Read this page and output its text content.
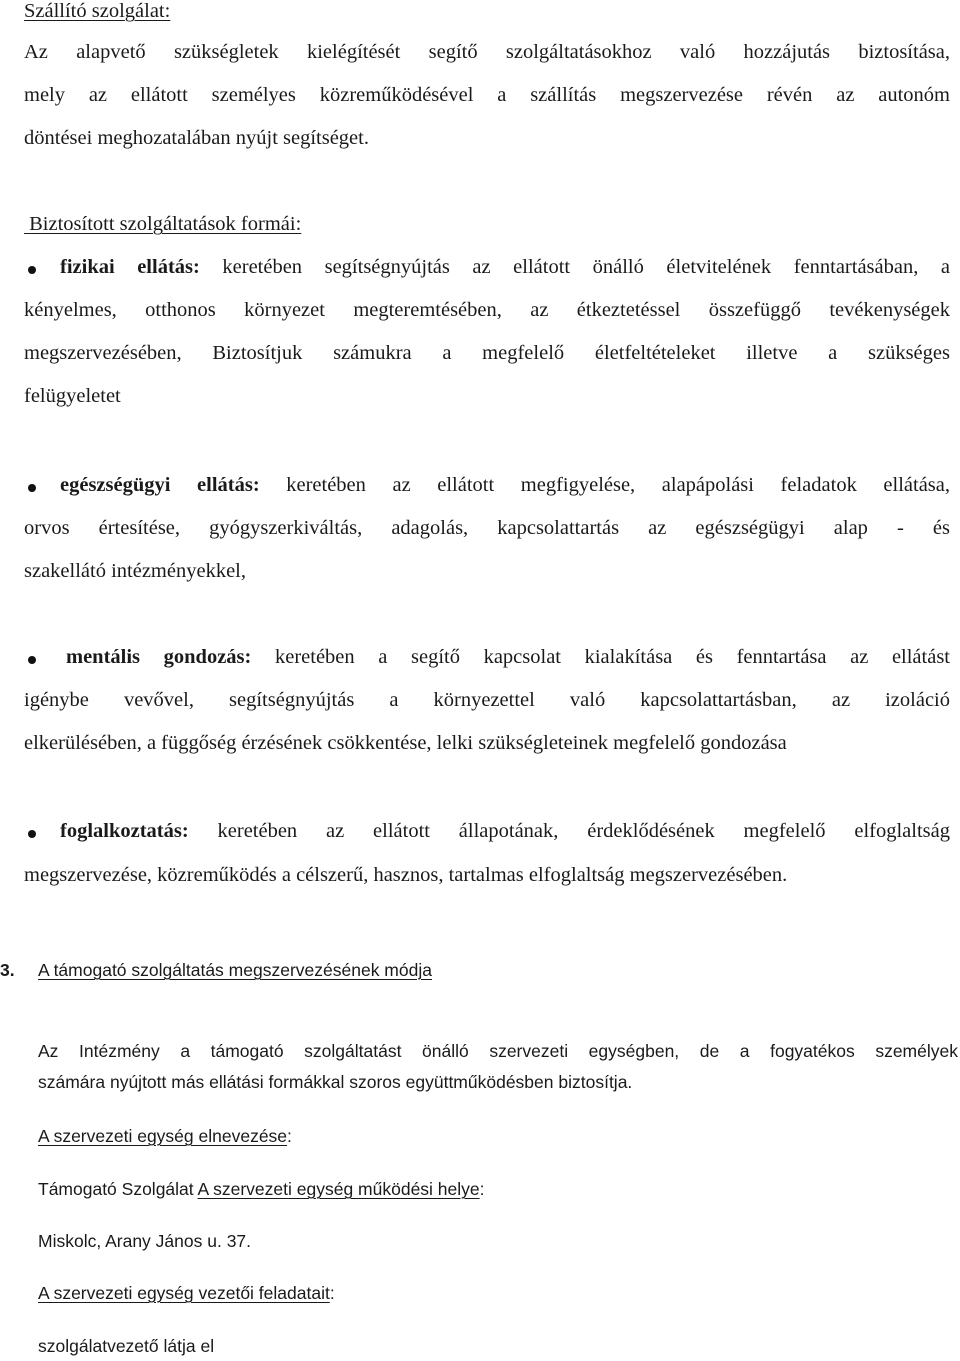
Szállító szolgálat:
Az alapvető szükségletek kielégítését segítő szolgáltatásokhoz való hozzájutás biztosítása,
mely az ellátott személyes közreműködésével a szállítás megszervezése révén az autonóm
döntései meghozatalában nyújt segítséget.
Biztosított szolgáltatások formái:
fizikai ellátás: keretében segítségnyújtás az ellátott önálló életvitelének fenntartásában, a
kényelmes, otthonos környezet megteremtésében, az étkeztetéssel összefüggő tevékenységek
megszervezésében, Biztosítjuk számukra a megfelelő életfeltételeket illetve a szükséges
felügyeletet
egészségügyi ellátás: keretében az ellátott megfigyelése, alapápolási feladatok ellátása,
orvos értesítése, gyógyszerkiváltás, adagolás, kapcsolattartás az egészségügyi alap - és
szakellátó intézményekkel,
mentális gondozás: keretében a segítő kapcsolat kialakítása és fenntartása az ellátást
igénybe vevővel, segítségnyújtás a környezettel való kapcsolattartásban, az izoláció
elkerülésében, a függőség érzésének csökkentése, lelki szükségleteinek megfelelő gondozása
foglalkoztatás: keretében az ellátott állapotának, érdeklődésének megfelelő elfoglaltság
megszervezése, közreműködés a célszerű, hasznos, tartalmas elfoglaltság megszervezésében.
3. A támogató szolgáltatás megszervezésének módja
Az Intézmény a támogató szolgáltatást önálló szervezeti egységben, de a fogyatékos személyek
számára nyújtott más ellátási formákkal szoros együttműködésben biztosítja.
A szervezeti egység elnevezése:
Támogató Szolgálat A szervezeti egység működési helye:
Miskolc, Arany János u. 37.
A szervezeti egység vezetői feladatait:
szolgálatvezető látja el
